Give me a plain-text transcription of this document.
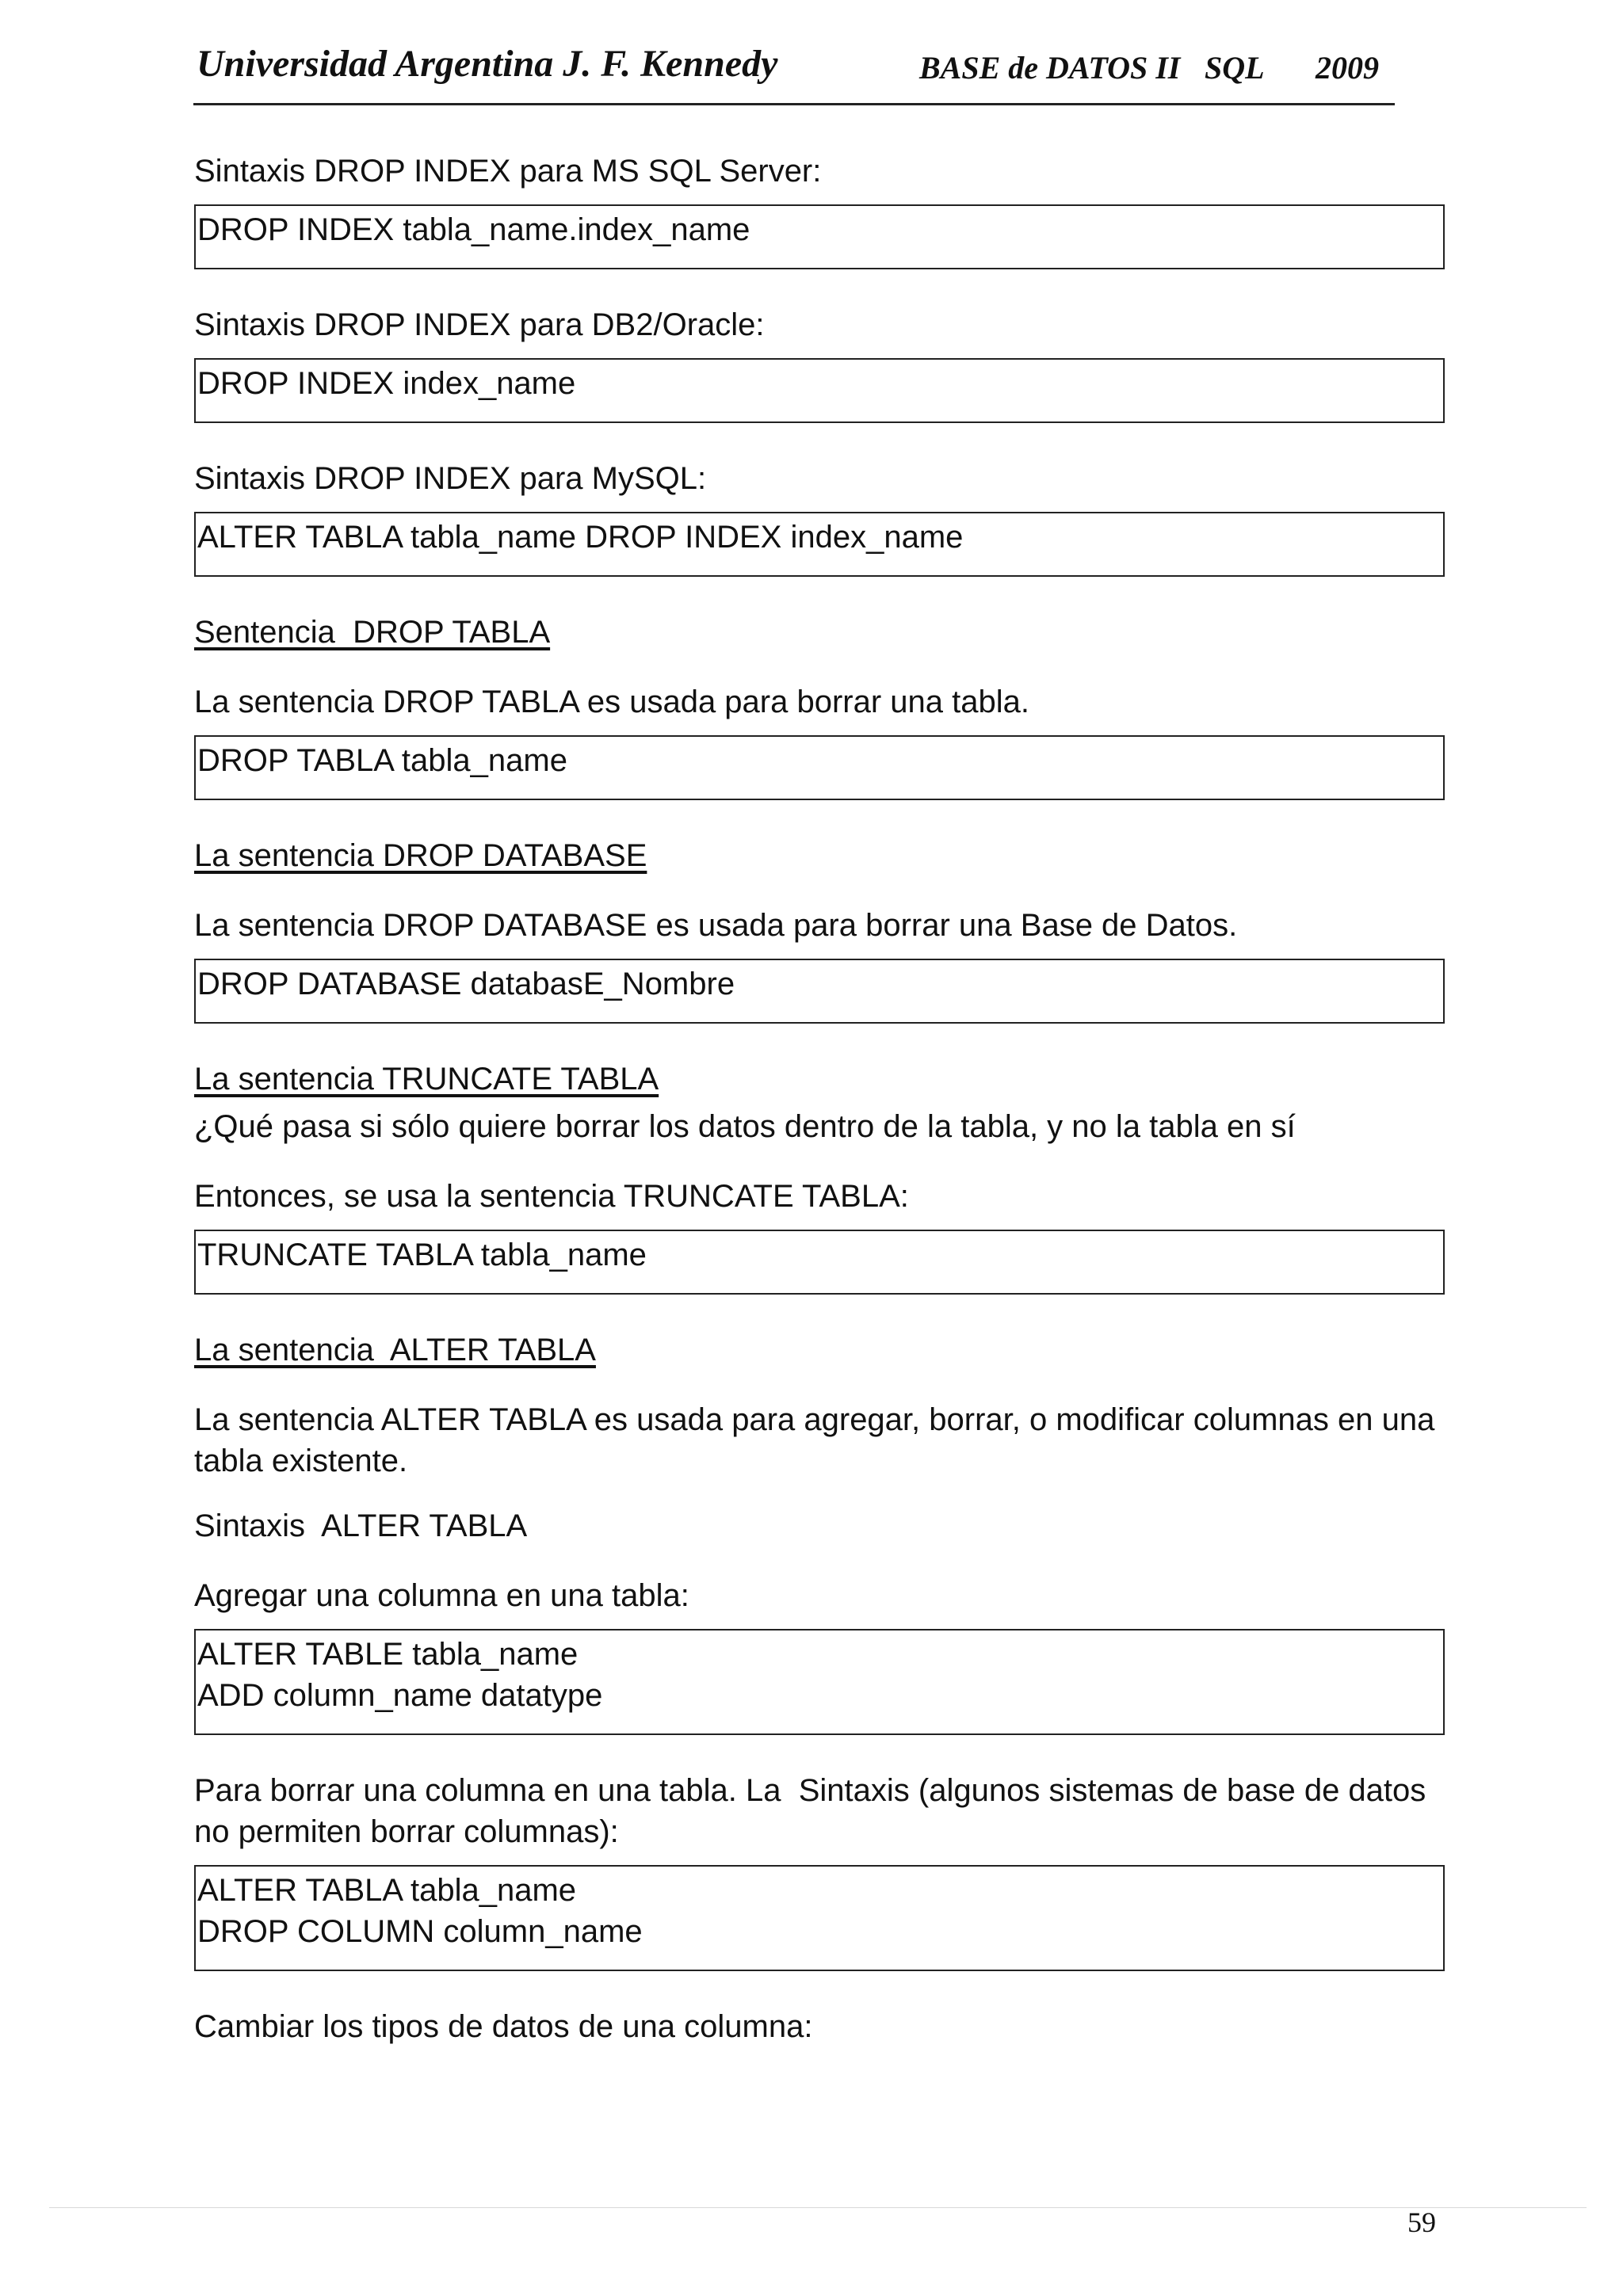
Universidad Argentina J. F. Kennedy	BASE de DATOS II SQL 2009

Sintaxis DROP INDEX para MS SQL Server:

DROP INDEX tabla_name.index_name

Sintaxis DROP INDEX para DB2/Oracle:

DROP INDEX index_name

Sintaxis DROP INDEX para MySQL:

ALTER TABLA tabla_name DROP INDEX index_name

Sentencia  DROP TABLA

La sentencia DROP TABLA es usada para borrar una tabla.

DROP TABLA tabla_name

La sentencia DROP DATABASE

La sentencia DROP DATABASE es usada para borrar una Base de Datos.

DROP DATABASE databasE_Nombre

La sentencia TRUNCATE TABLA

¿Qué pasa si sólo quiere borrar los datos dentro de la tabla, y no la tabla en sí

Entonces, se usa la sentencia TRUNCATE TABLA:

TRUNCATE TABLA tabla_name

La sentencia  ALTER TABLA

La sentencia ALTER TABLA es usada para agregar, borrar, o modificar columnas en una tabla existente.

Sintaxis  ALTER TABLA

Agregar una columna en una tabla:

ALTER TABLE tabla_name
ADD column_name datatype

Para borrar una columna en una tabla. La  Sintaxis (algunos sistemas de base de datos no permiten borrar columnas):

ALTER TABLA tabla_name
DROP COLUMN column_name

Cambiar los tipos de datos de una columna:

59
